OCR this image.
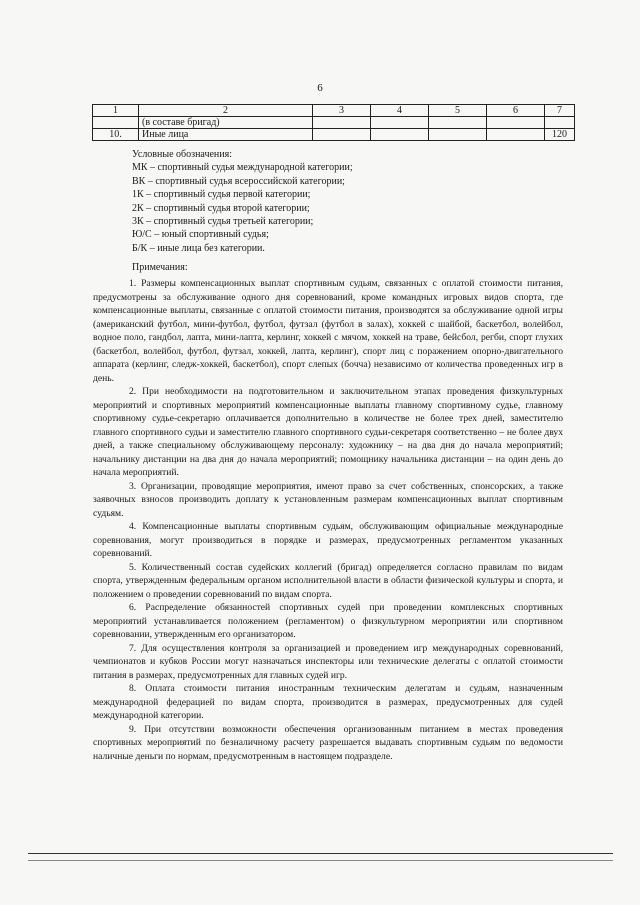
6
1	2	3	4	5	6	7
	(в составе бригад)					
10.	Иные лица					120
Условные обозначения:
МК – спортивный судья международной категории;
ВК – спортивный судья всероссийской категории;
1К – спортивный судья первой категории;
2К – спортивный судья второй категории;
3К – спортивный судья третьей категории;
Ю/С – юный спортивный судья;
Б/К – иные лица без категории.
Примечания:

1. Размеры компенсационных выплат спортивным судьям, связанных с оплатой стоимости питания, предусмотрены за обслуживание одного дня соревнований, кроме командных игровых видов спорта, где компенсационные выплаты, связанные с оплатой стоимости питания, производятся за обслуживание одной игры (американский футбол, мини-футбол, футбол, футзал (футбол в залах), хоккей с шайбой, баскетбол, волейбол, водное поло, гандбол, лапта, мини-лапта, керлинг, хоккей с мячом, хоккей на траве, бейсбол, регби, спорт глухих (баскетбол, волейбол, футбол, футзал, хоккей, лапта, керлинг), спорт лиц с поражением опорно-двигательного аппарата (керлинг, следж-хоккей, баскетбол), спорт слепых (бочча) независимо от количества проведенных игр в день.

2. При необходимости на подготовительном и заключительном этапах проведения физкультурных мероприятий и спортивных мероприятий компенсационные выплаты главному спортивному судье, главному спортивному судье-секретарю оплачивается дополнительно в количестве не более трех дней, заместителю главного спортивного судьи и заместителю главного спортивного судьи-секретаря соответственно – не более двух дней, а также специальному обслуживающему персоналу: художнику – на два дня до начала мероприятий; начальнику дистанции на два дня до начала мероприятий; помощнику начальника дистанции – на один день до начала мероприятий.

3. Организации, проводящие мероприятия, имеют право за счет собственных, спонсорских, а также заявочных взносов производить доплату к установленным размерам компенсационных выплат спортивным судьям.

4. Компенсационные выплаты спортивным судьям, обслуживающим официальные международные соревнования, могут производиться в порядке и размерах, предусмотренных регламентом указанных соревнований.

5. Количественный состав судейских коллегий (бригад) определяется согласно правилам по видам спорта, утвержденным федеральным органом исполнительной власти в области физической культуры и спорта, и положением о проведении соревнований по видам спорта.

6. Распределение обязанностей спортивных судей при проведении комплексных спортивных мероприятий устанавливается положением (регламентом) о физкультурном мероприятии или спортивном соревновании, утвержденным его организатором.

7. Для осуществления контроля за организацией и проведением игр международных соревнований, чемпионатов и кубков России могут назначаться инспекторы или технические делегаты с оплатой стоимости питания в размерах, предусмотренных для главных судей игр.

8. Оплата стоимости питания иностранным техническим делегатам и судьям, назначенным международной федерацией по видам спорта, производится в размерах, предусмотренных для судей международной категории.

9. При отсутствии возможности обеспечения организованным питанием в местах проведения спортивных мероприятий по безналичному расчету разрешается выдавать спортивным судьям по ведомости наличные деньги по нормам, предусмотренным в настоящем подразделе.
